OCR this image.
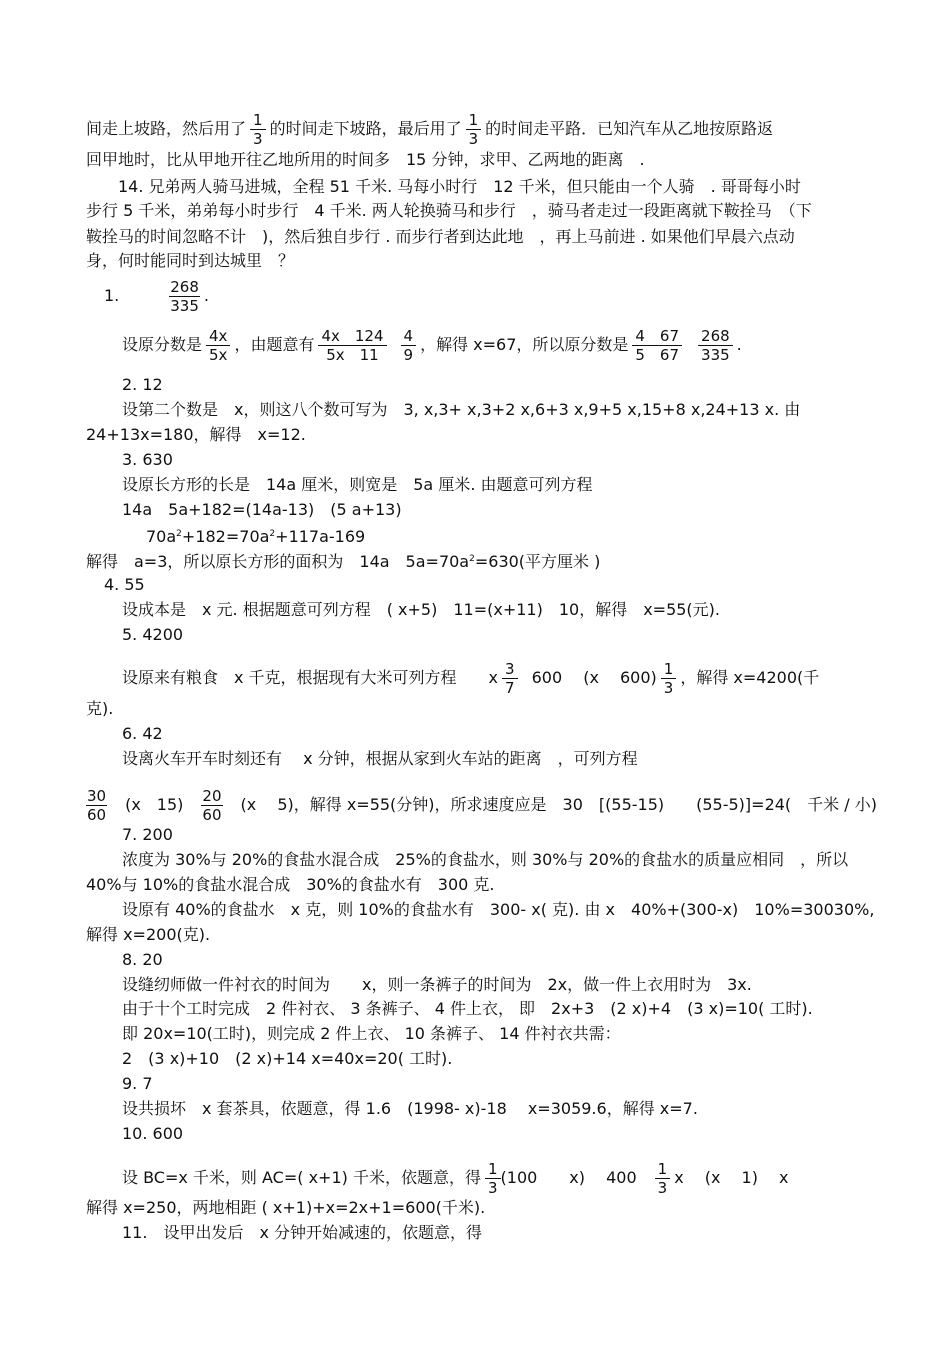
间走上坡路，然后用了 $\frac{1}{3}$ 的时间走下坡路，最后用了 $\frac{1}{3}$ 的时间走平路．已知汽车从乙地按原路返
回甲地时，比从甲地开往乙地所用的时间多　15 分钟，求甲、乙两地的距离　.
14. 兄弟两人骑马进城，全程 51 千米. 马每小时行　12 千米，但只能由一个人骑　. 哥哥每小时
步行 5 千米，弟弟每小时步行　4 千米. 两人轮换骑马和步行　，骑马者走过一段距离就下鞍拴马　（下
鞍拴马的时间忽略不计　)，然后独自步行 . 而步行者到达此地　，再上马前进 . 如果他们早晨六点动
身，何时能同时到达城里　？
1.	$\frac{268}{335}$ .
设原分数是 $\frac{4x}{5x}$ ，由题意有 $\frac{4x 124}{5x 11} \frac{4}{9}$ ，解得 x=67，所以原分数是 $\frac{4 67}{5 67} \frac{268}{335}$ .
2. 12
设第二个数是　x，则这八个数可写为　3, x,3+ x,3+2 x,6+3 x,9+5 x,15+8 x,24+13 x. 由
24+13x=180，解得　x=12.
3. 630
设原长方形的长是　14a 厘米，则宽是　5a 厘米. 由题意可列方程
14a　5a+182=(14a-13)　(5 a+13)
$70a^2+182=70a^2+117a-169$
解得　a=3，所以原长方形的面积为　14a　$5a=70a^2=630$(平方厘米 )
4. 55
设成本是　x 元. 根据题意可列方程　( x+5)　11=(x+11)　10，解得　x=55(元).
5. 4200
设原来有粮食　x 千克，根据现有大米可列方程　　x $\frac{3}{7} 600$　 (x　 $600) \frac{1}{3}$ ，解得 x=4200(千
克).
6. 42
设离火车开车时刻还有　 x 分钟，根据从家到火车站的距离　，可列方程
$\frac{30}{60} (x$　$15) \frac{20}{60} (x$　 5)，解得 x=55(分钟)，所求速度应是　30　[(55-15)　　(55-5)]=24(　千米 / 小)
7. 200
浓度为 30%与 20%的食盐水混合成　25%的食盐水，则 30%与 20%的食盐水的质量应相同　，所以
40%与 10%的食盐水混合成　30%的食盐水有　300 克.
设原有 40%的食盐水　x 克，则 10%的食盐水有　300- x( 克). 由 x　40%+(300-x)　10%=30030%,
解得 x=200(克).
8. 20
设缝纫师做一件衬衣的时间为　　x，则一条裤子的时间为　2x，做一件上衣用时为　3x.
由于十个工时完成　2 件衬衣、 3 条裤子、 4 件上衣， 即　2x+3　(2 x)+4　(3 x)=10( 工时).
即 20x=10(工时)，则完成 2 件上衣、 10 条裤子、 14 件衬衣共需：
2　(3 x)+10　(2 x)+14 x=40x=20( 工时).
9. 7
设共损坏　x 套茶具，依题意，得 1.6　(1998- x)-18　 x=3059.6，解得 x=7.
10. 600
设 BC=x 千米，则 AC=( x+1) 千米，依题意，得 $\frac{1}{3} (100$　　x)　 $400 \frac{1}{3}$ x　 (x　 1)　 x
解得 x=250，两地相距 ( x+1)+x=2x+1=600(千米).
11.　设甲出发后　x 分钟开始减速的，依题意，得
